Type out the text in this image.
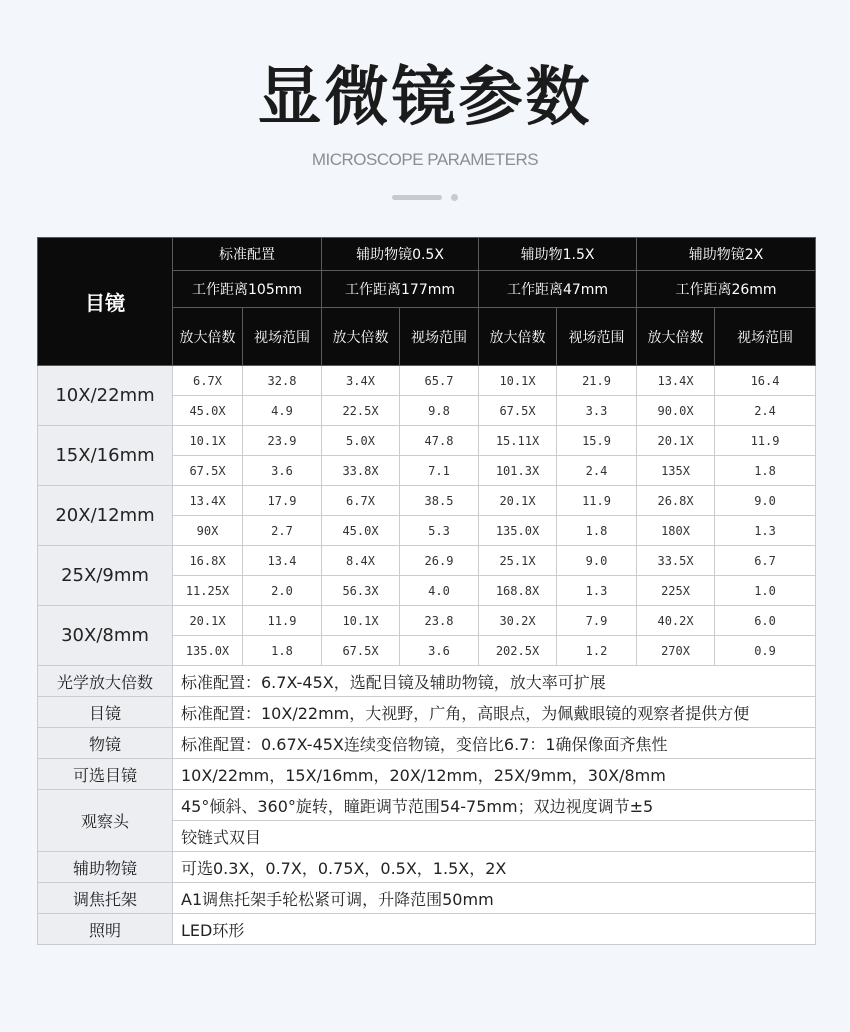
显微镜参数
MICROSCOPE PARAMETERS
目镜	标准配置		辅助物镜0.5X		辅助物1.5X		辅助物镜2X	
	工作距离105mm		工作距离177mm		工作距离47mm		工作距离26mm	
	放大倍数	视场范围	放大倍数	视场范围	放大倍数	视场范围	放大倍数	视场范围
10X/22mm	6.7X	32.8	3.4X	65.7	10.1X	21.9	13.4X	16.4
	45.0X	4.9	22.5X	9.8	67.5X	3.3	90.0X	2.4
15X/16mm	10.1X	23.9	5.0X	47.8	15.11X	15.9	20.1X	11.9
	67.5X	3.6	33.8X	7.1	101.3X	2.4	135X	1.8
20X/12mm	13.4X	17.9	6.7X	38.5	20.1X	11.9	26.8X	9.0
	90X	2.7	45.0X	5.3	135.0X	1.8	180X	1.3
25X/9mm	16.8X	13.4	8.4X	26.9	25.1X	9.0	33.5X	6.7
	11.25X	2.0	56.3X	4.0	168.8X	1.3	225X	1.0
30X/8mm	20.1X	11.9	10.1X	23.8	30.2X	7.9	40.2X	6.0
	135.0X	1.8	67.5X	3.6	202.5X	1.2	270X	0.9
光学放大倍数	标准配置：6.7X-45X，选配目镜及辅助物镜，放大率可扩展							
目镜	标准配置：10X/22mm，大视野，广角，高眼点，为佩戴眼镜的观察者提供方便							
物镜	标准配置：0.67X-45X连续变倍物镜，变倍比6.7：1确保像面齐焦性							
可选目镜	10X/22mm，15X/16mm，20X/12mm，25X/9mm，30X/8mm							
观察头	45°倾斜、360°旋转，瞳距调节范围54-75mm；双边视度调节±5							
	铰链式双目							
辅助物镜	可选0.3X，0.7X，0.75X，0.5X，1.5X，2X							
调焦托架	A1调焦托架手轮松紧可调，升降范围50mm							
照明	LED环形							
